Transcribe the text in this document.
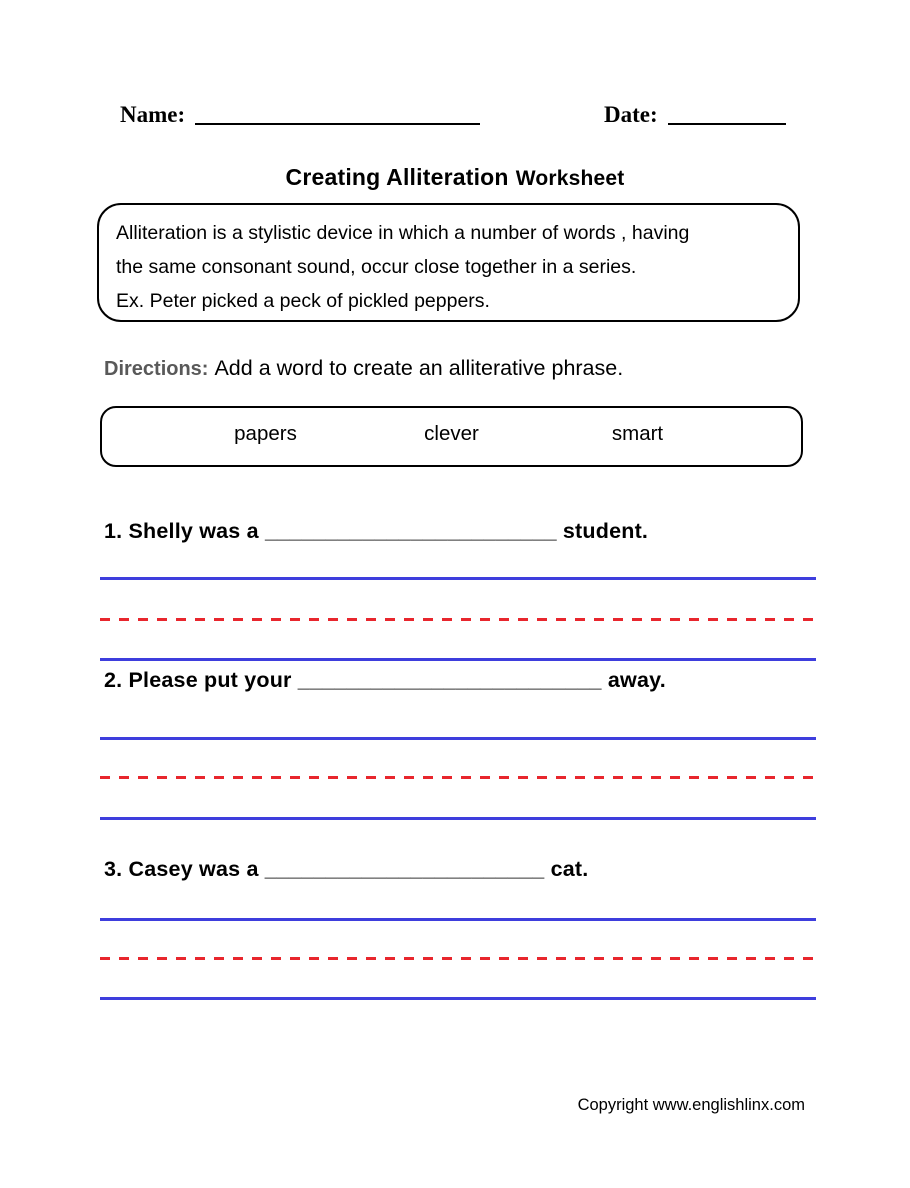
Name:	Date:
Creating Alliteration Worksheet
Alliteration is a stylistic device in which a number of words , having
the same consonant sound, occur close together in a series.
Ex. Peter picked a peck of pickled peppers.
Directions: Add a word to create an alliterative phrase.
papers	clever	smart
1. Shelly was a ________________________ student.
2. Please put your _________________________ away.
3. Casey was a _______________________ cat.
Copyright www.englishlinx.com
